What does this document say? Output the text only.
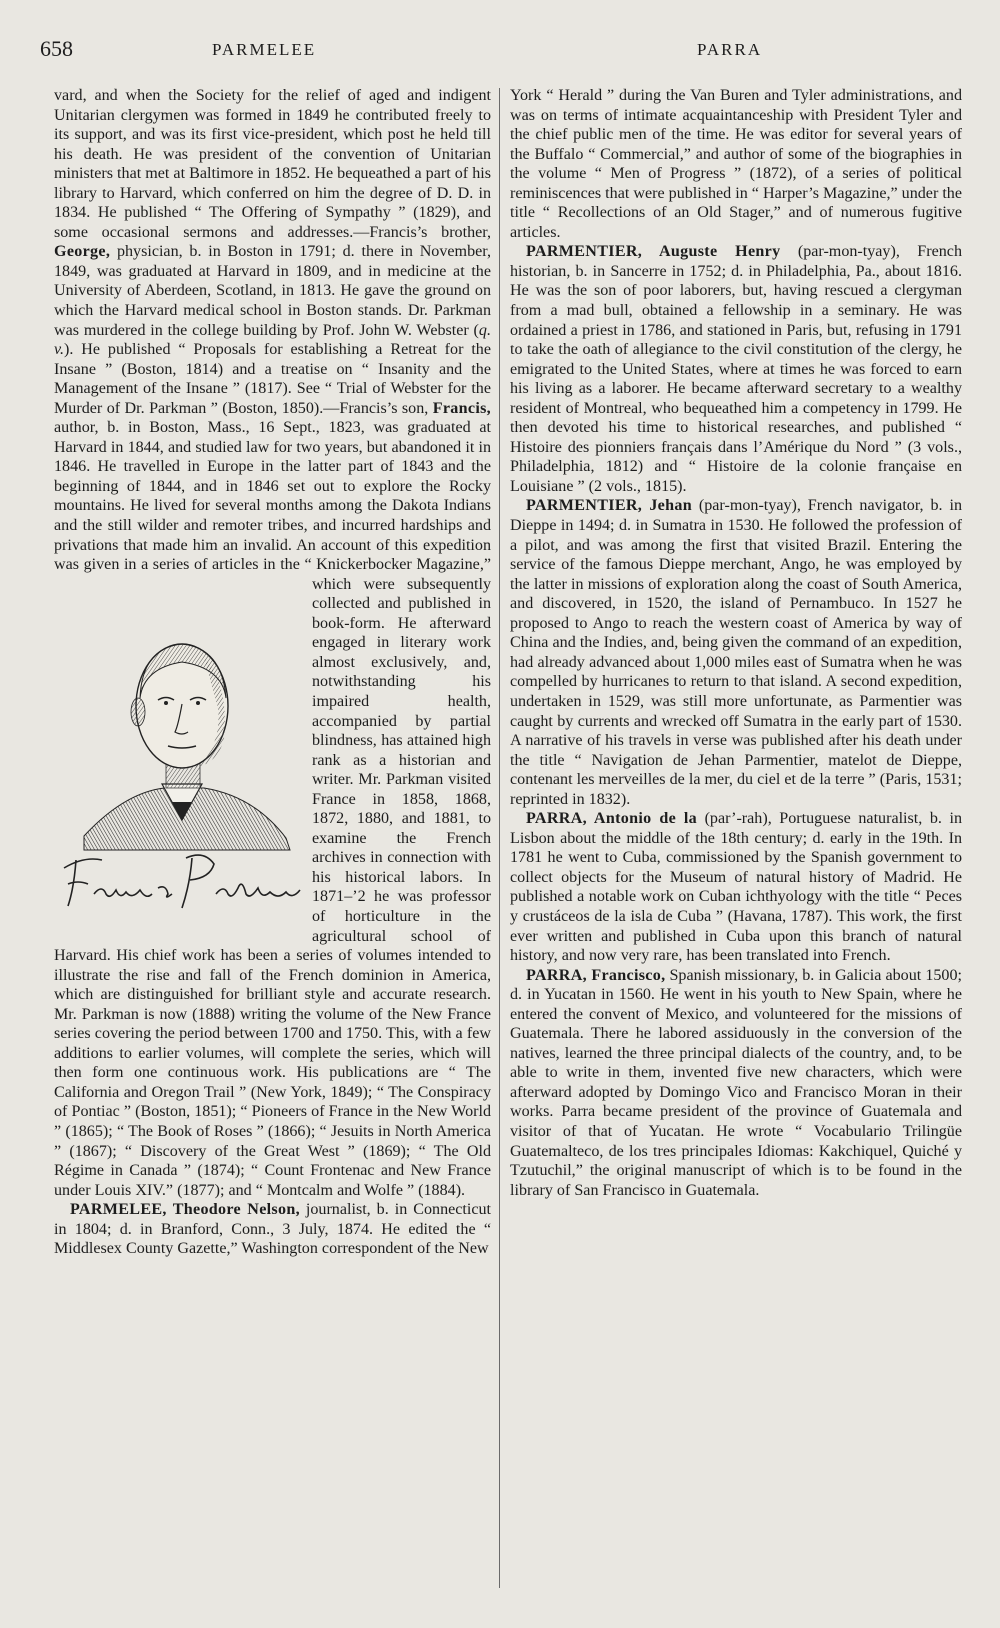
658	PARMELEE	PARRA

vard, and when the Society for the relief of aged and indigent Unitarian clergymen was formed in 1849 he contributed freely to its support, and was its first vice-president, which post he held till his death. He was president of the convention of Unitarian ministers that met at Baltimore in 1852. He bequeathed a part of his library to Harvard, which conferred on him the degree of D. D. in 1834. He published “ The Offering of Sympathy ” (1829), and some occasional sermons and addresses.—Francis’s brother, George, physician, b. in Boston in 1791; d. there in November, 1849, was graduated at Harvard in 1809, and in medicine at the University of Aberdeen, Scotland, in 1813. He gave the ground on which the Harvard medical school in Boston stands. Dr. Parkman was murdered in the college building by Prof. John W. Webster (q. v.). He published “ Proposals for establishing a Retreat for the Insane ” (Boston, 1814) and a treatise on “ Insanity and the Management of the Insane ” (1817). See “ Trial of Webster for the Murder of Dr. Parkman ” (Boston, 1850).—Francis’s son, Francis, author, b. in Boston, Mass., 16 Sept., 1823, was graduated at Harvard in 1844, and studied law for two years, but abandoned it in 1846. He travelled in Europe in the latter part of 1843 and the beginning of 1844, and in 1846 set out to explore the Rocky mountains. He lived for several months among the Dakota Indians and the still wilder and remoter tribes, and incurred hardships and privations that made him an invalid. An account of this expedition was given in a series of articles in the “ Knickerbocker Magazine,” which were subsequently collected and published in book-form. He afterward engaged in literary work almost exclusively, and, notwithstanding his impaired health, accompanied by partial blindness, has attained high rank as a historian and writer. Mr. Parkman visited France in 1858, 1868, 1872, 1880, and 1881, to examine the French archives in connection with his historical labors. In 1871–’2 he was professor of horticulture in the agricultural school of Harvard. His chief work has been a series of volumes intended to illustrate the rise and fall of the French dominion in America, which are distinguished for brilliant style and accurate research. Mr. Parkman is now (1888) writing the volume of the New France series covering the period between 1700 and 1750. This, with a few additions to earlier volumes, will complete the series, which will then form one continuous work. His publications are “ The California and Oregon Trail ” (New York, 1849); “ The Conspiracy of Pontiac ” (Boston, 1851); “ Pioneers of France in the New World ” (1865); “ The Book of Roses ” (1866); “ Jesuits in North America ” (1867); “ Discovery of the Great West ” (1869); “ The Old Régime in Canada ” (1874); “ Count Frontenac and New France under Louis XIV.” (1877); and “ Montcalm and Wolfe ” (1884).

PARMELEE, Theodore Nelson, journalist, b. in Connecticut in 1804; d. in Branford, Conn., 3 July, 1874. He edited the “ Middlesex County Gazette,” Washington correspondent of the New

York “ Herald ” during the Van Buren and Tyler administrations, and was on terms of intimate acquaintanceship with President Tyler and the chief public men of the time. He was editor for several years of the Buffalo “ Commercial,” and author of some of the biographies in the volume “ Men of Progress ” (1872), of a series of political reminiscences that were published in “ Harper’s Magazine,” under the title “ Recollections of an Old Stager,” and of numerous fugitive articles.

PARMENTIER, Auguste Henry (par-mon-tyay), French historian, b. in Sancerre in 1752; d. in Philadelphia, Pa., about 1816. He was the son of poor laborers, but, having rescued a clergyman from a mad bull, obtained a fellowship in a seminary. He was ordained a priest in 1786, and stationed in Paris, but, refusing in 1791 to take the oath of allegiance to the civil constitution of the clergy, he emigrated to the United States, where at times he was forced to earn his living as a laborer. He became afterward secretary to a wealthy resident of Montreal, who bequeathed him a competency in 1799. He then devoted his time to historical researches, and published “ Histoire des pionniers français dans l’Amérique du Nord ” (3 vols., Philadelphia, 1812) and “ Histoire de la colonie française en Louisiane ” (2 vols., 1815).

PARMENTIER, Jehan (par-mon-tyay), French navigator, b. in Dieppe in 1494; d. in Sumatra in 1530. He followed the profession of a pilot, and was among the first that visited Brazil. Entering the service of the famous Dieppe merchant, Ango, he was employed by the latter in missions of exploration along the coast of South America, and discovered, in 1520, the island of Pernambuco. In 1527 he proposed to Ango to reach the western coast of America by way of China and the Indies, and, being given the command of an expedition, had already advanced about 1,000 miles east of Sumatra when he was compelled by hurricanes to return to that island. A second expedition, undertaken in 1529, was still more unfortunate, as Parmentier was caught by currents and wrecked off Sumatra in the early part of 1530. A narrative of his travels in verse was published after his death under the title “ Navigation de Jehan Parmentier, matelot de Dieppe, contenant les merveilles de la mer, du ciel et de la terre ” (Paris, 1531; reprinted in 1832).

PARRA, Antonio de la (par’-rah), Portuguese naturalist, b. in Lisbon about the middle of the 18th century; d. early in the 19th. In 1781 he went to Cuba, commissioned by the Spanish government to collect objects for the Museum of natural history of Madrid. He published a notable work on Cuban ichthyology with the title “ Peces y crustáceos de la isla de Cuba ” (Havana, 1787). This work, the first ever written and published in Cuba upon this branch of natural history, and now very rare, has been translated into French.

PARRA, Francisco, Spanish missionary, b. in Galicia about 1500; d. in Yucatan in 1560. He went in his youth to New Spain, where he entered the convent of Mexico, and volunteered for the missions of Guatemala. There he labored assiduously in the conversion of the natives, learned the three principal dialects of the country, and, to be able to write in them, invented five new characters, which were afterward adopted by Domingo Vico and Francisco Moran in their works. Parra became president of the province of Guatemala and visitor of that of Yucatan. He wrote “ Vocabulario Trilingüe Guatemalteco, de los tres principales Idiomas: Kakchiquel, Quiché y Tzutuchil,” the original manuscript of which is to be found in the library of San Francisco in Guatemala.
